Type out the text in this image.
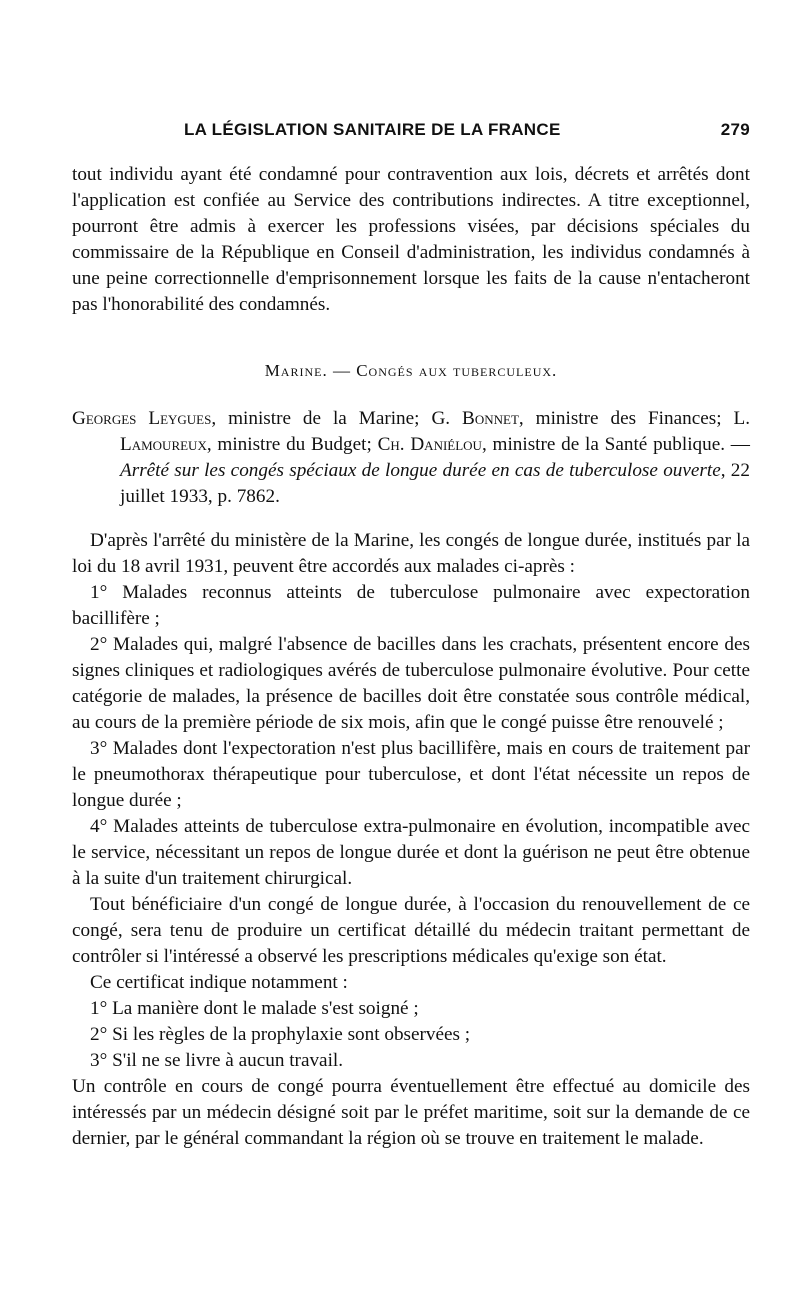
LA LÉGISLATION SANITAIRE DE LA FRANCE	279

tout individu ayant été condamné pour contravention aux lois, décrets et arrêtés dont l'application est confiée au Service des contributions indirectes. A titre exceptionnel, pourront être admis à exercer les professions visées, par décisions spéciales du commissaire de la République en Conseil d'administration, les individus condamnés à une peine correctionnelle d'emprisonnement lorsque les faits de la cause n'entacheront pas l'honorabilité des condamnés.

Marine. — Congés aux tuberculeux.

Georges Leygues, ministre de la Marine; G. Bonnet, ministre des Finances; L. Lamoureux, ministre du Budget; Ch. Daniélou, ministre de la Santé publique. — Arrêté sur les congés spéciaux de longue durée en cas de tuberculose ouverte, 22 juillet 1933, p. 7862.

D'après l'arrêté du ministère de la Marine, les congés de longue durée, institués par la loi du 18 avril 1931, peuvent être accordés aux malades ci-après :

1° Malades reconnus atteints de tuberculose pulmonaire avec expectoration bacillifère ;

2° Malades qui, malgré l'absence de bacilles dans les crachats, présentent encore des signes cliniques et radiologiques avérés de tuberculose pulmonaire évolutive. Pour cette catégorie de malades, la présence de bacilles doit être constatée sous contrôle médical, au cours de la première période de six mois, afin que le congé puisse être renouvelé ;

3° Malades dont l'expectoration n'est plus bacillifère, mais en cours de traitement par le pneumothorax thérapeutique pour tuberculose, et dont l'état nécessite un repos de longue durée ;

4° Malades atteints de tuberculose extra-pulmonaire en évolution, incompatible avec le service, nécessitant un repos de longue durée et dont la guérison ne peut être obtenue à la suite d'un traitement chirurgical.

Tout bénéficiaire d'un congé de longue durée, à l'occasion du renouvellement de ce congé, sera tenu de produire un certificat détaillé du médecin traitant permettant de contrôler si l'intéressé a observé les prescriptions médicales qu'exige son état.

Ce certificat indique notamment :

1° La manière dont le malade s'est soigné ;

2° Si les règles de la prophylaxie sont observées ;

3° S'il ne se livre à aucun travail.

Un contrôle en cours de congé pourra éventuellement être effectué au domicile des intéressés par un médecin désigné soit par le préfet maritime, soit sur la demande de ce dernier, par le général commandant la région où se trouve en traitement le malade.
